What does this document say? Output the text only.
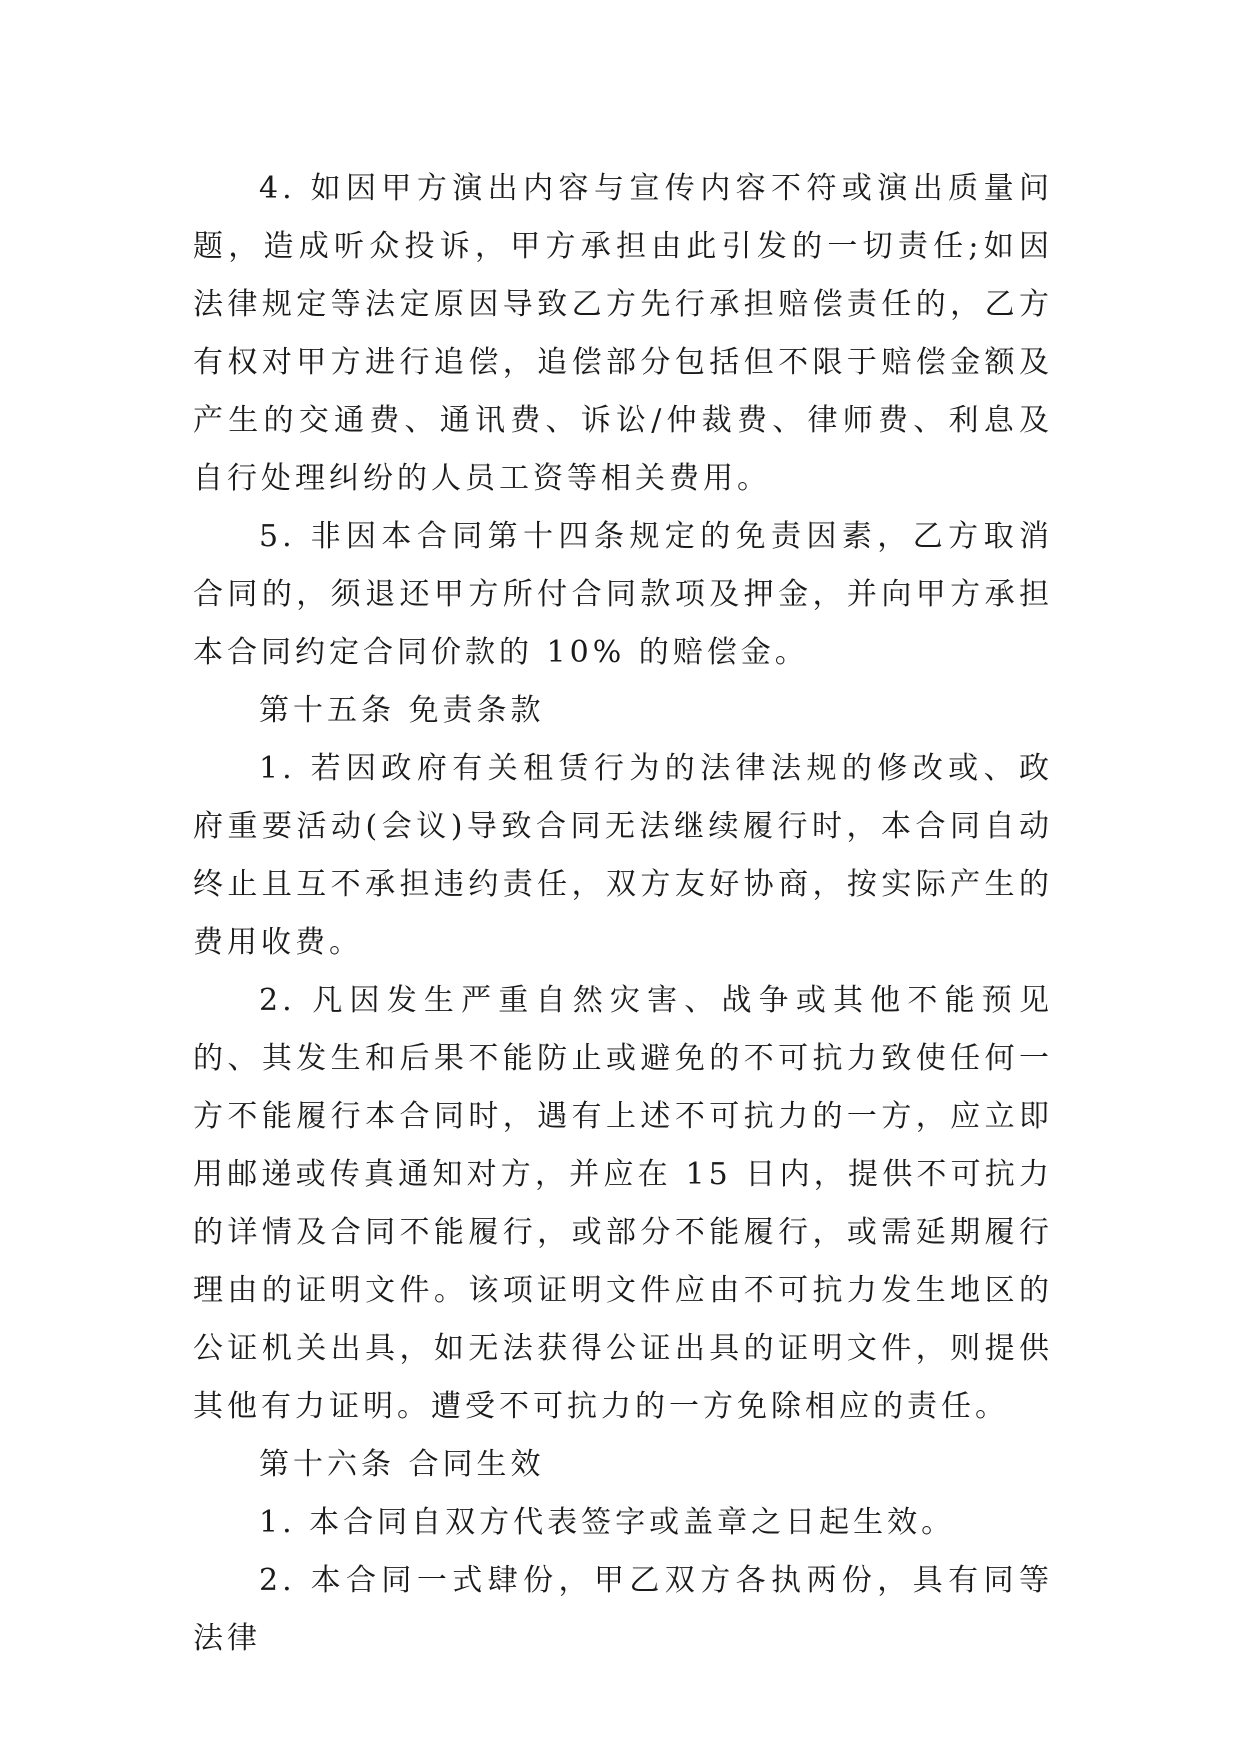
4. 如因甲方演出内容与宣传内容不符或演出质量问题，造成听众投诉，甲方承担由此引发的一切责任;如因法律规定等法定原因导致乙方先行承担赔偿责任的，乙方有权对甲方进行追偿，追偿部分包括但不限于赔偿金额及产生的交通费、通讯费、诉讼/仲裁费、律师费、利息及自行处理纠纷的人员工资等相关费用。

5. 非因本合同第十四条规定的免责因素，乙方取消合同的，须退还甲方所付合同款项及押金，并向甲方承担本合同约定合同价款的 10% 的赔偿金。

第十五条 免责条款

1. 若因政府有关租赁行为的法律法规的修改或、政府重要活动(会议)导致合同无法继续履行时，本合同自动终止且互不承担违约责任，双方友好协商，按实际产生的费用收费。

2. 凡因发生严重自然灾害、战争或其他不能预见的、其发生和后果不能防止或避免的不可抗力致使任何一方不能履行本合同时，遇有上述不可抗力的一方，应立即用邮递或传真通知对方，并应在 15 日内，提供不可抗力的详情及合同不能履行，或部分不能履行，或需延期履行理由的证明文件。该项证明文件应由不可抗力发生地区的公证机关出具，如无法获得公证出具的证明文件，则提供其他有力证明。遭受不可抗力的一方免除相应的责任。

第十六条 合同生效

1. 本合同自双方代表签字或盖章之日起生效。

2. 本合同一式肆份，甲乙双方各执两份，具有同等法律
